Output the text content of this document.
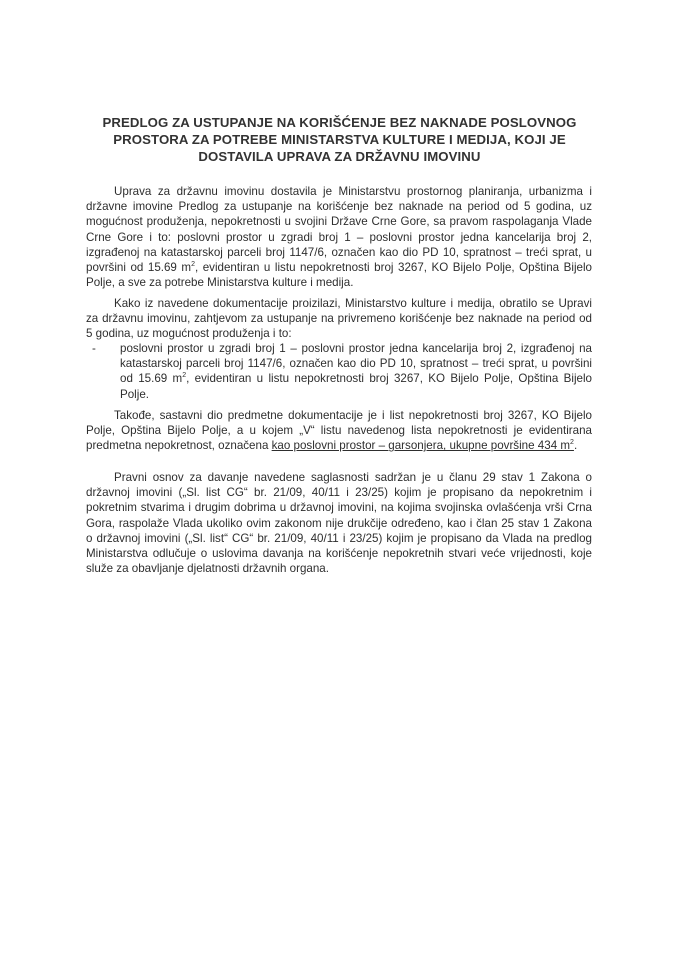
PREDLOG ZA USTUPANJE NA KORIŠĆENJE BEZ NAKNADE POSLOVNOG PROSTORA ZA POTREBE MINISTARSTVA KULTURE I MEDIJA, KOJI JE DOSTAVILA UPRAVA ZA DRŽAVNU IMOVINU
Uprava za državnu imovinu dostavila je Ministarstvu prostornog planiranja, urbanizma i državne imovine Predlog za ustupanje na korišćenje bez naknade na period od 5 godina, uz mogućnost produženja, nepokretnosti u svojini Države Crne Gore, sa pravom raspolaganja Vlade Crne Gore i to: poslovni prostor u zgradi broj 1 – poslovni prostor jedna kancelarija broj 2, izgrađenoj na katastarskoj parceli broj 1147/6, označen kao dio PD 10, spratnost – treći sprat, u površini od 15.69 $m^2$, evidentiran u listu nepokretnosti broj 3267, KO Bijelo Polje, Opština Bijelo Polje, a sve za potrebe Ministarstva kulture i medija.
Kako iz navedene dokumentacije proizilazi, Ministarstvo kulture i medija, obratilo se Upravi za državnu imovinu, zahtjevom za ustupanje na privremeno korišćenje bez naknade na period od 5 godina, uz mogućnost produženja i to:
- poslovni prostor u zgradi broj 1 – poslovni prostor jedna kancelarija broj 2, izgrađenoj na katastarskoj parceli broj 1147/6, označen kao dio PD 10, spratnost – treći sprat, u površini od 15.69 $m^2$, evidentiran u listu nepokretnosti broj 3267, KO Bijelo Polje, Opština Bijelo Polje.
Takođe, sastavni dio predmetne dokumentacije je i list nepokretnosti broj 3267, KO Bijelo Polje, Opština Bijelo Polje, a u kojem „V“ listu navedenog lista nepokretnosti je evidentirana predmetna nepokretnost, označena kao poslovni prostor – garsonjera, ukupne površine 434 $m^2$.
Pravni osnov za davanje navedene saglasnosti sadržan je u članu 29 stav 1 Zakona o državnoj imovini („Sl. list CG“ br. 21/09, 40/11 i 23/25) kojim je propisano da nepokretnim i pokretnim stvarima i drugim dobrima u državnoj imovini, na kojima svojinska ovlašćenja vrši Crna Gora, raspolaže Vlada ukoliko ovim zakonom nije drukčije određeno, kao i član 25 stav 1 Zakona o državnoj imovini („Sl. list“ CG“ br. 21/09, 40/11 i 23/25) kojim je propisano da Vlada na predlog Ministarstva odlučuje o uslovima davanja na korišćenje nepokretnih stvari veće vrijednosti, koje služe za obavljanje djelatnosti državnih organa.
